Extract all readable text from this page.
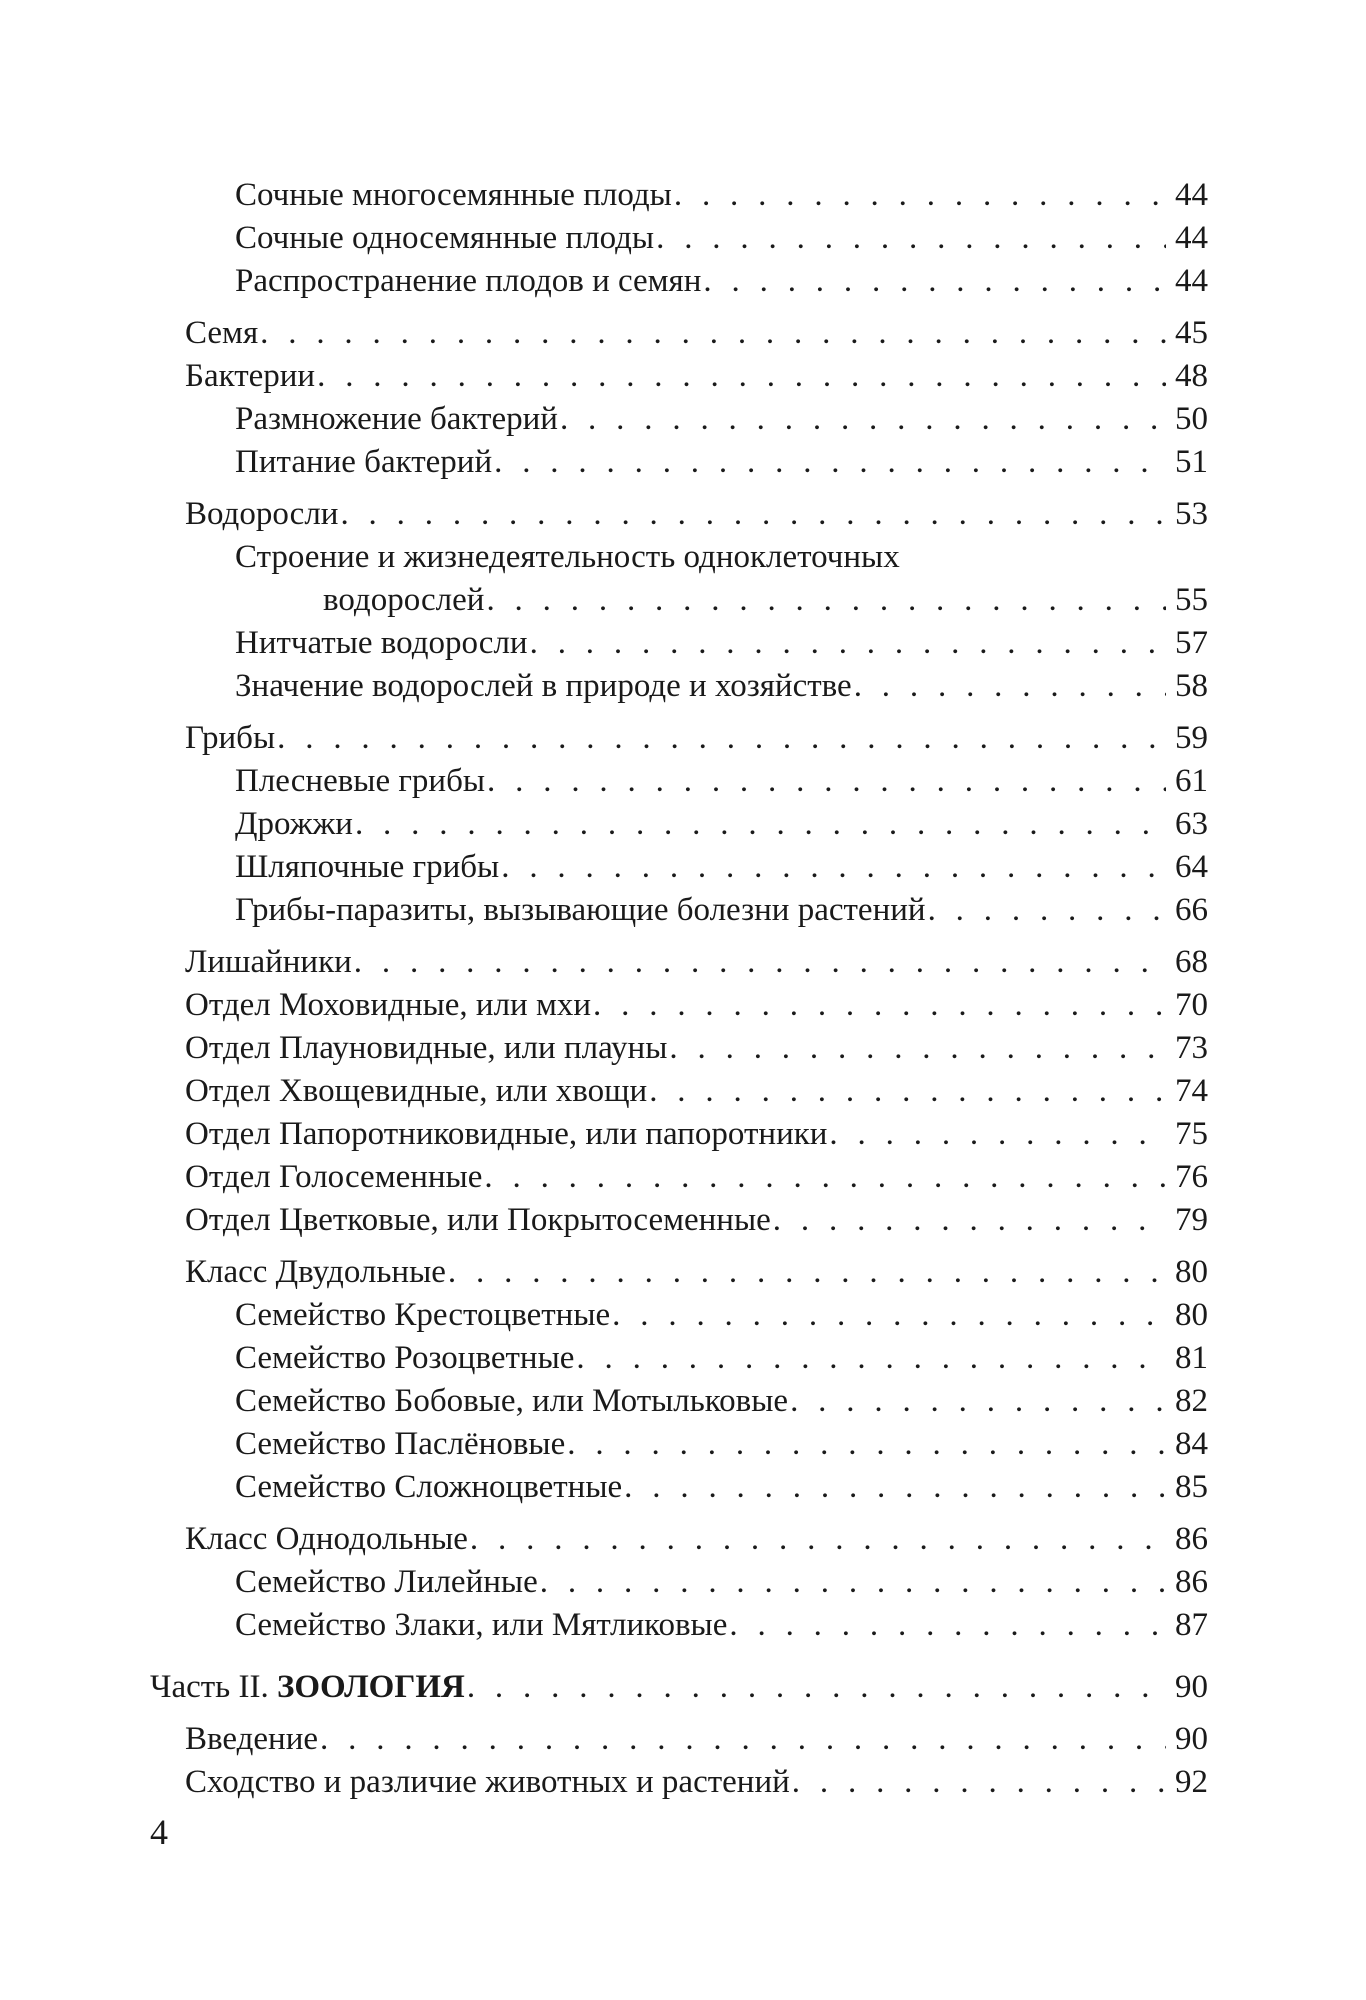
Сочные многосемянные плоды . . .	44
Сочные односемянные плоды . . .	44
Распространение плодов и семян . . .	44
Семя . . .	45
Бактерии . . .	48
Размножение бактерий . . .	50
Питание бактерий . . .	51
Водоросли . . .	53
Строение и жизнедеятельность одноклеточных
водорослей . . .	55
Нитчатые водоросли . . .	57
Значение водорослей в природе и хозяйстве . . .	58
Грибы . . .	59
Плесневые грибы . . .	61
Дрожжи . . .	63
Шляпочные грибы . . .	64
Грибы-паразиты, вызывающие болезни растений . . .	66
Лишайники . . .	68
Отдел Моховидные, или мхи . . .	70
Отдел Плауновидные, или плауны . . .	73
Отдел Хвощевидные, или хвощи . . .	74
Отдел Папоротниковидные, или папоротники . . .	75
Отдел Голосеменные . . .	76
Отдел Цветковые, или Покрытосеменные . . .	79
Класс Двудольные . . .	80
Семейство Крестоцветные . . .	80
Семейство Розоцветные . . .	81
Семейство Бобовые, или Мотыльковые . . .	82
Семейство Паслёновые . . .	84
Семейство Сложноцветные . . .	85
Класс Однодольные . . .	86
Семейство Лилейные . . .	86
Семейство Злаки, или Мятликовые . . .	87
Часть II. ЗООЛОГИЯ . . .	90
Введение . . .	90
Сходство и различие животных и растений . . .	92
4
